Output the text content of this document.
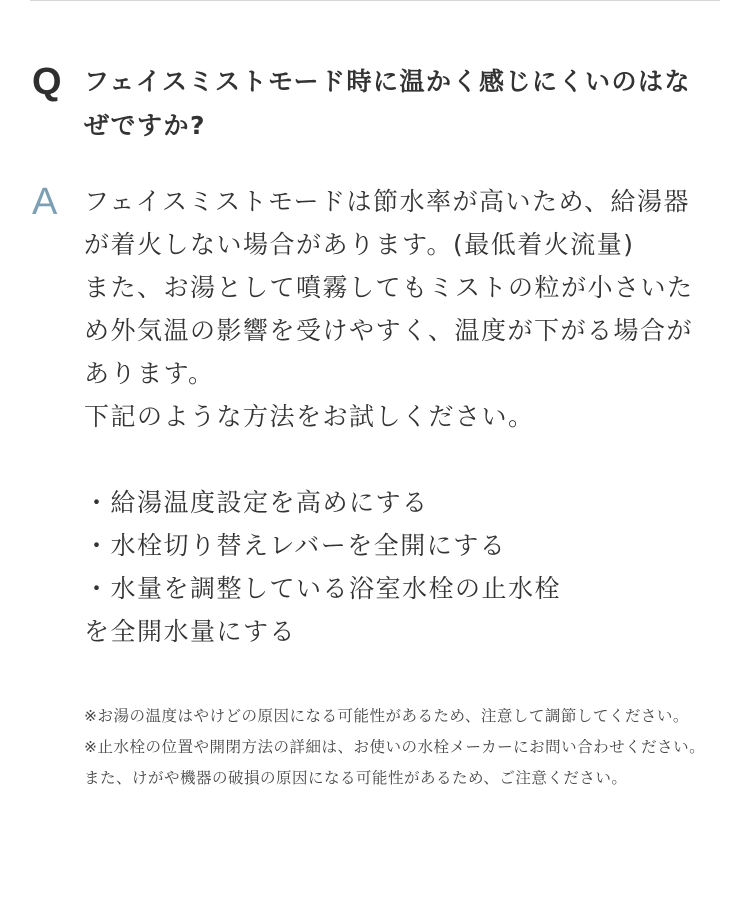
Q フェイスミストモード時に温かく感じにくいのはなぜですか?

A	フェイスミストモードは節水率が高いため、給湯器

が着火しない場合があります。(最低着火流量)

また、お湯として噴霧してもミストの粒が小さいた

め外気温の影響を受けやすく、温度が下がる場合が

あります。

下記のような方法をお試しください。

・給湯温度設定を高めにする
・水栓切り替えレバーを全開にする
・水量を調整している浴室水栓の止水栓

を全開水量にする

※お湯の温度はやけどの原因になる可能性があるため、注意して調節してください。

※止水栓の位置や開閉方法の詳細は、お使いの水栓メーカーにお問い合わせください。また、けがや機器の破損の原因になる可能性があるため、ご注意ください。
